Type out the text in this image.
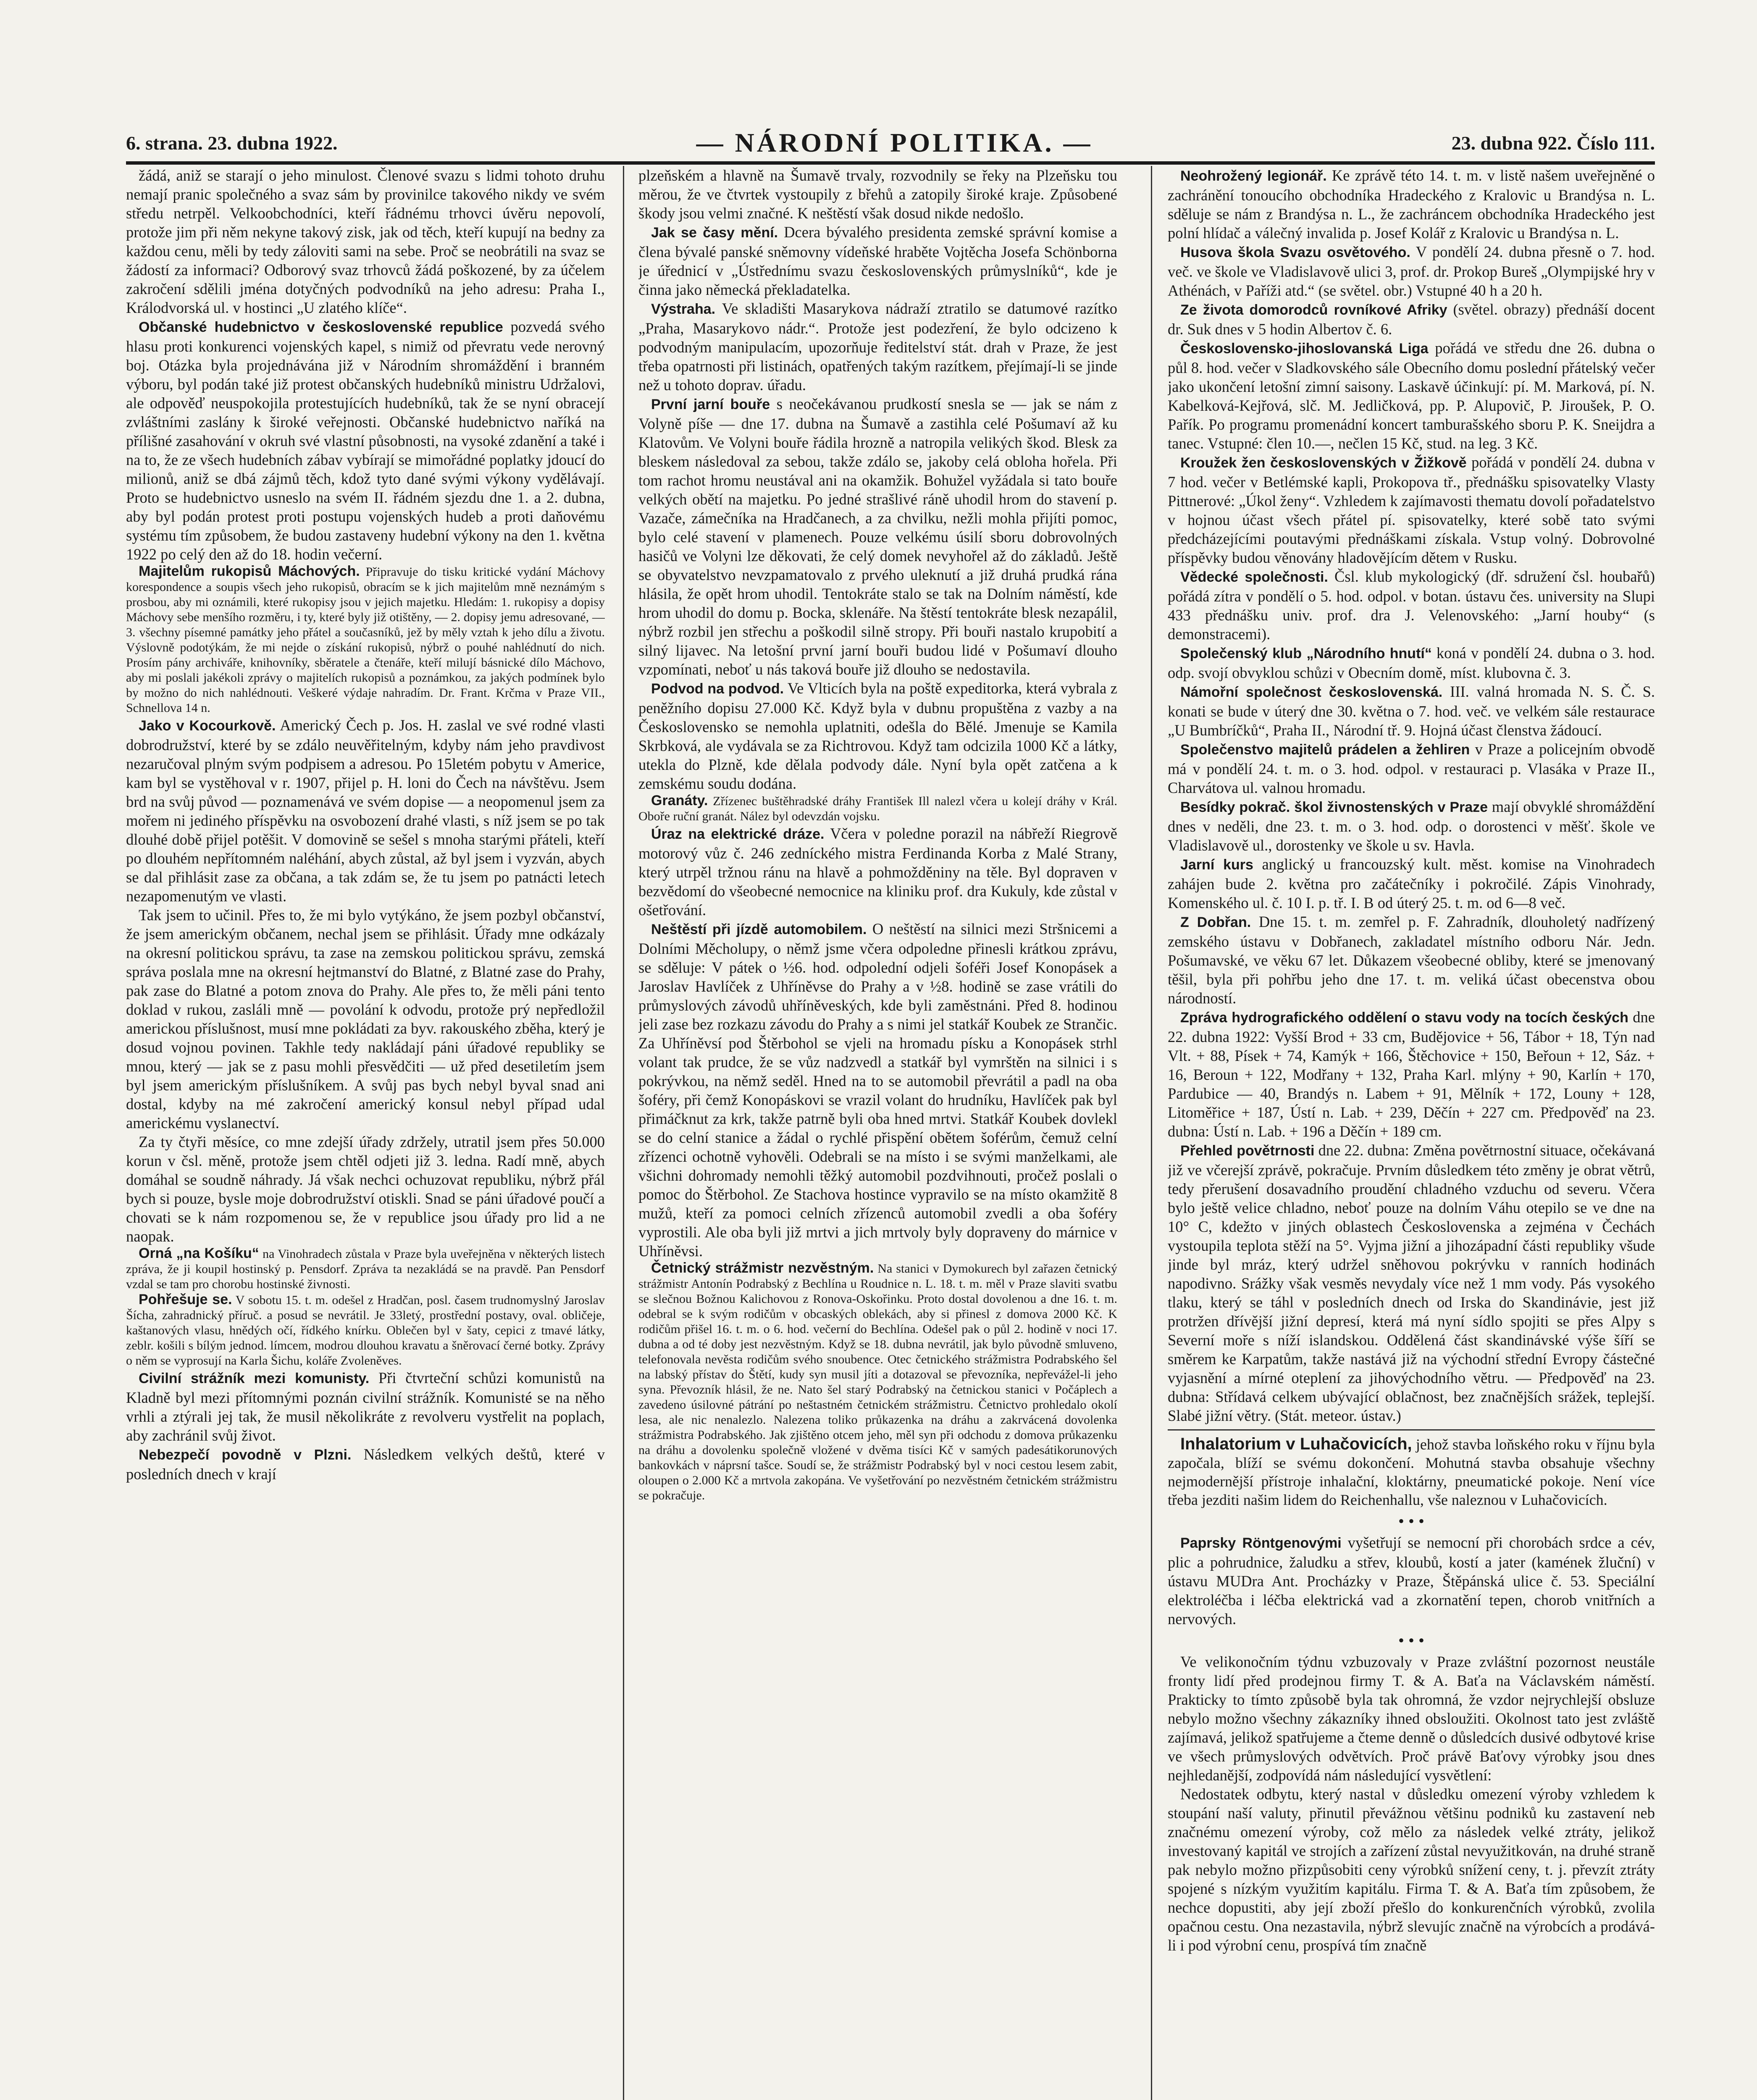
6. strana. 23. dubna 1922.	— NÁRODNÍ POLITIKA. —	23. dubna 922. Číslo 111.

žádá, aniž se starají o jeho minulost. Členové svazu s lidmi tohoto druhu nemají pranic společného a svaz sám by provinilce takového nikdy ve svém středu netrpěl. Velkoobchodníci, kteří řádnému trhovci úvěru nepovolí, protože jim při něm nekyne takový zisk, jak od těch, kteří kupují na bedny za každou cenu, měli by tedy záloviti sami na sebe. Proč se neobrátili na svaz se žádostí za informaci? Odborový svaz trhovců žádá poškozené, by za účelem zakročení sdělili jména dotyčných podvodníků na jeho adresu: Praha I., Králodvorská ul. v hostinci „U zlatého klíče“.

Občanské hudebnictvo v československé republice pozvedá svého hlasu proti konkurenci vojenských kapel, s nimiž od převratu vede nerovný boj. Otázka byla projednávána již v Národním shromáždění i branném výboru, byl podán také již protest občanských hudebníků ministru Udržalovi, ale odpověď neuspokojila protestujících hudebníků, tak že se nyní obracejí zvláštními zaslány k široké veřejnosti. Občanské hudebnictvo naříká na přílišné zasahování v okruh své vlastní působnosti, na vysoké zdanění a také i na to, že ze všech hudebních zábav vybírají se mimořádné poplatky jdoucí do milionů, aniž se dbá zájmů těch, kdož tyto dané svými výkony vydělávají. Proto se hudebnictvo usneslo na svém II. řádném sjezdu dne 1. a 2. dubna, aby byl podán protest proti postupu vojenských hudeb a proti daňovému systému tím způsobem, že budou zastaveny hudební výkony na den 1. května 1922 po celý den až do 18. hodin večerní.

Majitelům rukopisů Máchových. Připravuje do tisku kritické vydání Máchovy korespondence a soupis všech jeho rukopisů, obracím se k jich majitelům mně neznámým s prosbou, aby mi oznámili, které rukopisy jsou v jejich majetku. Hledám: 1. rukopisy a dopisy Máchovy sebe menšího rozměru, i ty, které byly již otištěny, — 2. dopisy jemu adresované, — 3. všechny písemné památky jeho přátel a současníků, jež by měly vztah k jeho dílu a životu. Výslovně podotýkám, že mi nejde o získání rukopisů, nýbrž o pouhé nahlédnutí do nich. Prosím pány archiváře, knihovníky, sběratele a čtenáře, kteří milují básnické dílo Máchovo, aby mi poslali jakékoli zprávy o majitelích rukopisů a poznámkou, za jakých podmínek bylo by možno do nich nahlédnouti. Veškeré výdaje nahradím. Dr. Frant. Krčma v Praze VII., Schnellova 14 n.

Jako v Kocourkově. Americký Čech p. Jos. H. zaslal ve své rodné vlasti dobrodružství, které by se zdálo neuvěřitelným, kdyby nám jeho pravdivost nezaručoval plným svým podpisem a adresou. Po 15letém pobytu v Americe, kam byl se vystěhoval v r. 1907, přijel p. H. loni do Čech na návštěvu. Jsem brd na svůj původ — poznamenává ve svém dopise — a neopomenul jsem za mořem ni jediného příspěvku na osvobození drahé vlasti, s níž jsem se po tak dlouhé době přijel potěšit. V domovině se sešel s mnoha starými přáteli, kteří po dlouhém nepřítomném naléhání, abych zůstal, až byl jsem i vyzván, abych se dal přihlásit zase za občana, a tak zdám se, že tu jsem po patnácti letech nezapomenutým ve vlasti.

Tak jsem to učinil. Přes to, že mi bylo vytýkáno, že jsem pozbyl občanství, že jsem americkým občanem, nechal jsem se přihlásit. Úřady mne odkázaly na okresní politickou správu, ta zase na zemskou politickou správu, zemská správa poslala mne na okresní hejtmanství do Blatné, z Blatné zase do Prahy, pak zase do Blatné a potom znova do Prahy. Ale přes to, že měli páni tento doklad v rukou, zasláli mně — povolání k odvodu, protože prý nepředložil americkou příslušnost, musí mne pokládati za byv. rakouského zběha, který je dosud vojnou povinen. Takhle tedy nakládají páni úřadové republiky se mnou, který — jak se z pasu mohli přesvědčiti — už před desetiletím jsem byl jsem americkým příslušníkem. A svůj pas bych nebyl byval snad ani dostal, kdyby na mé zakročení americký konsul nebyl případ udal americkému vyslanectví.

Za ty čtyři měsíce, co mne zdejší úřady zdržely, utratil jsem přes 50.000 korun v čsl. měně, protože jsem chtěl odjeti již 3. ledna. Radí mně, abych domáhal se soudně náhrady. Já však nechci ochuzovat republiku, nýbrž přál bych si pouze, bysle moje dobrodružství otiskli. Snad se páni úřadové poučí a chovati se k nám rozpomenou se, že v republice jsou úřady pro lid a ne naopak.

Orná „na Košíku“ na Vinohradech zůstala v Praze byla uveřejněna v některých listech zpráva, že ji koupil hostinský p. Pensdorf. Zpráva ta nezakládá se na pravdě. Pan Pensdorf vzdal se tam pro chorobu hostinské živnosti.

Pohřešuje se. V sobotu 15. t. m. odešel z Hradčan, posl. časem trudnomyslný Jaroslav Šícha, zahradnický příruč. a posud se nevrátil. Je 33letý, prostřední postavy, oval. obličeje, kaštanových vlasu, hnědých očí, řídkého knírku. Oblečen byl v šaty, cepici z tmavé látky, zeblr. košili s bílým jednod. límcem, modrou dlouhou kravatu a šněrovací černé botky. Zprávy o něm se vyprosují na Karla Šichu, koláře Zvoleněves.

Civilní strážník mezi komunisty. Při čtvrteční schůzi komunistů na Kladně byl mezi přítomnými poznán civilní strážník. Komunisté se na něho vrhli a ztýrali jej tak, že musil několikráte z revolveru vystřelit na poplach, aby zachránil svůj život.

Nebezpečí povodně v Plzni. Následkem velkých deštů, které v posledních dnech v krají

plzeňském a hlavně na Šumavě trvaly, rozvodnily se řeky na Plzeňsku tou měrou, že ve čtvrtek vystoupily z břehů a zatopily široké kraje. Způsobené škody jsou velmi značné. K neštěstí však dosud nikde nedošlo.

Jak se časy mění. Dcera bývalého presidenta zemské správní komise a člena bývalé panské sněmovny vídeňské hraběte Vojtěcha Josefa Schönborna je úřednicí v „Ústřednímu svazu československých průmyslníků“, kde je činna jako německá překladatelka.

Výstraha. Ve skladišti Masarykova nádraží ztratilo se datumové razítko „Praha, Masarykovo nádr.“. Protože jest podezření, že bylo odcizeno k podvodným manipulacím, upozorňuje ředitelství stát. drah v Praze, že jest třeba opatrnosti při listinách, opatřených takým razítkem, přejímají-li se jinde než u tohoto doprav. úřadu.

První jarní bouře s neočekávanou prudkostí snesla se — jak se nám z Volyně píše — dne 17. dubna na Šumavě a zastihla celé Pošumaví až ku Klatovům. Ve Volyni bouře řádila hrozně a natropila velikých škod. Blesk za bleskem následoval za sebou, takže zdálo se, jakoby celá obloha hořela. Při tom rachot hromu neustával ani na okamžik. Bohužel vyžádala si tato bouře velkých obětí na majetku. Po jedné strašlivé ráně uhodil hrom do stavení p. Vazače, zámečníka na Hradčanech, a za chvilku, nežli mohla přijíti pomoc, bylo celé stavení v plamenech. Pouze velkému úsilí sboru dobrovolných hasičů ve Volyni lze děkovati, že celý domek nevyhořel až do základů. Ještě se obyvatelstvo nevzpamatovalo z prvého uleknutí a již druhá prudká rána hlásila, že opět hrom uhodil. Tentokráte stalo se tak na Dolním náměstí, kde hrom uhodil do domu p. Bocka, sklenáře. Na štěstí tentokráte blesk nezapálil, nýbrž rozbil jen střechu a poškodil silně stropy. Při bouři nastalo krupobití a silný lijavec. Na letošní první jarní bouři budou lidé v Pošumaví dlouho vzpomínati, neboť u nás taková bouře již dlouho se nedostavila.

Podvod na podvod. Ve Vlticích byla na poště expeditorka, která vybrala z peněžního dopisu 27.000 Kč. Když byla v dubnu propuštěna z vazby a na Československo se nemohla uplatniti, odešla do Bělé. Jmenuje se Kamila Skrbková, ale vydávala se za Richtrovou. Když tam odcizila 1000 Kč a látky, utekla do Plzně, kde dělala podvody dále. Nyní byla opět zatčena a k zemskému soudu dodána.

Granáty. Zřízenec buštěhradské dráhy František Ill nalezl včera u kolejí dráhy v Král. Oboře ruční granát. Nález byl odevzdán vojsku.

Úraz na elektrické dráze. Včera v poledne porazil na nábřeží Riegrově motorový vůz č. 246 zedníckého mistra Ferdinanda Korba z Malé Strany, který utrpěl tržnou ránu na hlavě a pohmožděniny na těle. Byl dopraven v bezvědomí do všeobecné nemocnice na kliniku prof. dra Kukuly, kde zůstal v ošetřování.

Neštěstí při jízdě automobilem. O neštěstí na silnici mezi Stršnicemi a Dolními Měcholupy, o němž jsme včera odpoledne přinesli krátkou zprávu, se sděluje: V pátek o ½6. hod. odpolední odjeli šoféři Josef Konopásek a Jaroslav Havlíček z Uhříněvse do Prahy a v ½8. hodině se zase vrátili do průmyslových závodů uhříněveských, kde byli zaměstnáni. Před 8. hodinou jeli zase bez rozkazu závodu do Prahy a s nimi jel statkář Koubek ze Strančic. Za Uhříněvsí pod Štěrbohol se vjeli na hromadu písku a Konopásek strhl volant tak prudce, že se vůz nadzvedl a statkář byl vymrštěn na silnici i s pokrývkou, na němž seděl. Hned na to se automobil převrátil a padl na oba šoféry, při čemž Konopáskovi se vrazil volant do hrudníku, Havlíček pak byl přimáčknut za krk, takže patrně byli oba hned mrtvi. Statkář Koubek dovlekl se do celní stanice a žádal o rychlé přispění obětem šoférům, čemuž celní zřízenci ochotně vyhověli. Odebrali se na místo i se svými manželkami, ale všichni dohromady nemohli těžký automobil pozdvihnouti, pročež poslali o pomoc do Štěrbohol. Ze Stachova hostince vypravilo se na místo okamžitě 8 mužů, kteří za pomoci celních zřízenců automobil zvedli a oba šoféry vyprostili. Ale oba byli již mrtvi a jich mrtvoly byly dopraveny do márnice v Uhříněvsi.

Četnický strážmistr nezvěstným. Na stanici v Dymokurech byl zařazen četnický strážmistr Antonín Podrabský z Bechlína u Roudnice n. L. 18. t. m. měl v Praze slaviti svatbu se slečnou Božnou Kalichovou z Ronova-Oskořinku. Proto dostal dovolenou a dne 16. t. m. odebral se k svým rodičům v obcaských oblekách, aby si přinesl z domova 2000 Kč. K rodičům přišel 16. t. m. o 6. hod. večerní do Bechlína. Odešel pak o půl 2. hodině v noci 17. dubna a od té doby jest nezvěstným. Když se 18. dubna nevrátil, jak bylo původně smluveno, telefonovala nevěsta rodičům svého snoubence. Otec četnického strážmistra Podrabského šel na labský přístav do Štětí, kudy syn musil jíti a dotazoval se převozníka, nepřevážel-li jeho syna. Převozník hlásil, že ne. Nato šel starý Podrabský na četnickou stanici v Počáplech a zavedeno úsilovné pátrání po neštastném četnickém strážmistru. Četnictvo prohledalo okolí lesa, ale nic nenalezlo. Nalezena toliko průkazenka na dráhu a zakrvácená dovolenka strážmistra Podrabského. Jak zjištěno otcem jeho, měl syn při odchodu z domova průkazenku na dráhu a dovolenku společně vložené v dvěma tisíci Kč v samých padesátikorunových bankovkách v náprsní tašce. Soudí se, že strážmistr Podrabský byl v noci cestou lesem zabit, oloupen o 2.000 Kč a mrtvola zakopána. Ve vyšetřování po nezvěstném četnickém strážmistru se pokračuje.

Neohrožený legionář. Ke zprávě této 14. t. m. v listě našem uveřejněné o zachránění tonoucího obchodníka Hradeckého z Kralovic u Brandýsa n. L. sděluje se nám z Brandýsa n. L., že zachráncem obchodníka Hradeckého jest polní hlídač a válečný invalida p. Josef Kolář z Kralovic u Brandýsa n. L.

Husova škola Svazu osvětového. V pondělí 24. dubna přesně o 7. hod. več. ve škole ve Vladislavově ulici 3, prof. dr. Prokop Bureš „Olympijské hry v Athénách, v Paříži atd.“ (se světel. obr.) Vstupné 40 h a 20 h.

Ze života domorodců rovníkové Afriky (světel. obrazy) přednáší docent dr. Suk dnes v 5 hodin Albertov č. 6.

Československo-jihoslovanská Liga pořádá ve středu dne 26. dubna o půl 8. hod. večer v Sladkovského sále Obecního domu poslední přátelský večer jako ukončení letošní zimní saisony. Laskavě účinkují: pí. M. Marková, pí. N. Kabelková-Kejřová, slč. M. Jedličková, pp. P. Alupovič, P. Jiroušek, P. O. Pařík. Po programu promenádní koncert tamburašského sboru P. K. Sneijdra a tanec. Vstupné: člen 10.—, nečlen 15 Kč, stud. na leg. 3 Kč.

Kroužek žen československých v Žižkově pořádá v pondělí 24. dubna v 7 hod. večer v Betlémské kapli, Prokopova tř., přednášku spisovatelky Vlasty Pittnerové: „Úkol ženy“. Vzhledem k zajímavosti thematu dovolí pořadatelstvo v hojnou účast všech přátel pí. spisovatelky, které sobě tato svými předcházejícími poutavými přednáškami získala. Vstup volný. Dobrovolné příspěvky budou věnovány hladovějícím dětem v Rusku.

Vědecké společnosti. Čsl. klub mykologický (dř. sdružení čsl. houbařů) pořádá zítra v pondělí o 5. hod. odpol. v botan. ústavu čes. university na Slupi 433 přednášku univ. prof. dra J. Velenovského: „Jarní houby“ (s demonstracemi).

Společenský klub „Národního hnutí“ koná v pondělí 24. dubna o 3. hod. odp. svojí obvyklou schůzi v Obecním domě, míst. klubovna č. 3.

Námořní společnost československá. III. valná hromada N. S. Č. S. konati se bude v úterý dne 30. května o 7. hod. več. ve velkém sále restaurace „U Bumbríčků“, Praha II., Národní tř. 9. Hojná účast členstva žádoucí.

Společenstvo majitelů prádelen a žehliren v Praze a policejním obvodě má v pondělí 24. t. m. o 3. hod. odpol. v restauraci p. Vlasáka v Praze II., Charvátova ul. valnou hromadu.

Besídky pokrač. škol živnostenských v Praze mají obvyklé shromáždění dnes v neděli, dne 23. t. m. o 3. hod. odp. o dorostenci v měšť. škole ve Vladislavově ul., dorostenky ve škole u sv. Havla.

Jarní kurs anglický u francouzský kult. měst. komise na Vinohradech zahájen bude 2. května pro začátečníky i pokročilé. Zápis Vinohrady, Komenského ul. č. 10 I. p. tř. I. B od úterý 25. t. m. od 6—8 več.

Z Dobřan. Dne 15. t. m. zemřel p. F. Zahradník, dlouholetý nadřízený zemského ústavu v Dobřanech, zakladatel místního odboru Nár. Jedn. Pošumavské, ve věku 67 let. Důkazem všeobecné obliby, které se jmenovaný těšil, byla při pohřbu jeho dne 17. t. m. veliká účast obecenstva obou národností.

Zpráva hydrografického oddělení o stavu vody na tocích českých dne 22. dubna 1922: Vyšší Brod + 33 cm, Budějovice + 56, Tábor + 18, Týn nad Vlt. + 88, Písek + 74, Kamýk + 166, Štěchovice + 150, Beřoun + 12, Sáz. + 16, Beroun + 122, Modřany + 132, Praha Karl. mlýny + 90, Karlín + 170, Pardubice — 40, Brandýs n. Labem + 91, Mělník + 172, Louny + 128, Litoměřice + 187, Ústí n. Lab. + 239, Děčín + 227 cm. Předpověď na 23. dubna: Ústí n. Lab. + 196 a Děčín + 189 cm.

Přehled povětrnosti dne 22. dubna: Změna povětrnostní situace, očekávaná již ve včerejší zprávě, pokračuje. Prvním důsledkem této změny je obrat větrů, tedy přerušení dosavadního proudění chladného vzduchu od severu. Včera bylo ještě velice chladno, neboť pouze na dolním Váhu otepilo se ve dne na 10° C, kdežto v jiných oblastech Československa a zejména v Čechách vystoupila teplota stěží na 5°. Vyjma jižní a jihozápadní části republiky všude jinde byl mráz, který udržel sněhovou pokrývku v ranních hodinách napodivno. Srážky však vesměs nevydaly více než 1 mm vody. Pás vysokého tlaku, který se táhl v posledních dnech od Irska do Skandinávie, jest již protržen dřívější jižní depresí, která má nyní sídlo spojiti se přes Alpy s Severní moře s níží islandskou. Oddělená část skandinávské výše šíří se směrem ke Karpatům, takže nastává již na východní střední Evropy částečné vyjasnění a mírné oteplení za jihovýchodního větru. — Předpověď na 23. dubna: Střídavá celkem ubývající oblačnost, bez značnějších srážek, teplejší. Slabé jižní větry. (Stát. meteor. ústav.)

Inhalatorium v Luhačovicích, jehož stavba loňského roku v říjnu byla započala, blíží se svému dokončení. Mohutná stavba obsahuje všechny nejmodernější přístroje inhalační, kloktárny, pneumatické pokoje. Není více třeba jezditi našim lidem do Reichenhallu, vše naleznou v Luhačovicích.

• • •

Paprsky Röntgenovými vyšetřují se nemocní při chorobách srdce a cév, plic a pohrudnice, žaludku a střev, kloubů, kostí a jater (kamének žluční) v ústavu MUDra Ant. Procházky v Praze, Štěpánská ulice č. 53. Speciální elektroléčba i léčba elektrická vad a zkornatění tepen, chorob vnitřních a nervových.

• • •

Ve velikonočním týdnu vzbuzovaly v Praze zvláštní pozornost neustále fronty lidí před prodejnou firmy T. & A. Baťa na Václavském náměstí. Prakticky to tímto způsobě byla tak ohromná, že vzdor nejrychlejší obsluze nebylo možno všechny zákazníky ihned obsloužiti. Okolnost tato jest zvláště zajímavá, jelikož spatřujeme a čteme denně o důsledcích dusivé odbytové krise ve všech průmyslových odvětvích. Proč právě Baťovy výrobky jsou dnes nejhledanější, zodpovídá nám následující vysvětlení:

Nedostatek odbytu, který nastal v důsledku omezení výroby vzhledem k stoupání naší valuty, přinutil převážnou většinu podniků ku zastavení neb značnému omezení výroby, což mělo za následek velké ztráty, jelikož investovaný kapitál ve strojích a zařízení zůstal nevyužitkován, na druhé straně pak nebylo možno přizpůsobiti ceny výrobků snížení ceny, t. j. převzít ztráty spojené s nízkým využitím kapitálu. Firma T. & A. Baťa tím způsobem, že nechce dopustiti, aby její zboží přešlo do konkurenčních výrobků, zvolila opačnou cestu. Ona nezastavila, nýbrž slevujíc značně na výrobcích a prodává-li i pod výrobní cenu, prospívá tím značně
